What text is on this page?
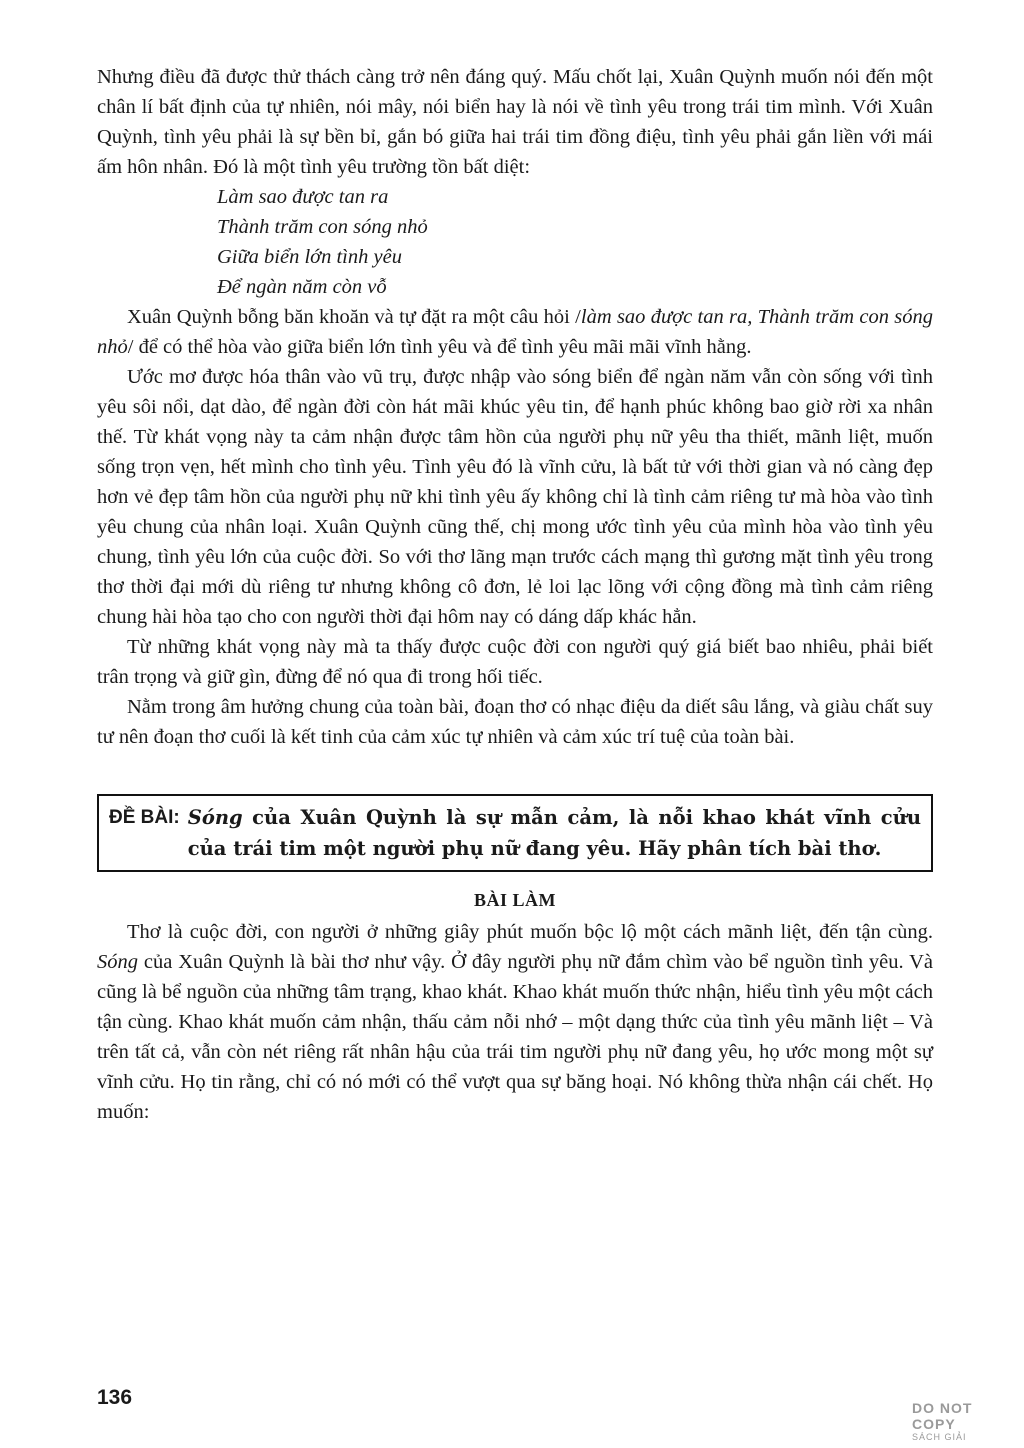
Nhưng điều đã được thử thách càng trở nên đáng quý. Mấu chốt lại, Xuân Quỳnh muốn nói đến một chân lí bất định của tự nhiên, nói mây, nói biển hay là nói về tình yêu trong trái tim mình. Với Xuân Quỳnh, tình yêu phải là sự bền bỉ, gắn bó giữa hai trái tim đồng điệu, tình yêu phải gắn liền với mái ấm hôn nhân. Đó là một tình yêu trường tồn bất diệt:

Làm sao được tan ra
Thành trăm con sóng nhỏ
Giữa biển lớn tình yêu
Để ngàn năm còn vỗ

Xuân Quỳnh bỗng băn khoăn và tự đặt ra một câu hỏi /làm sao được tan ra, Thành trăm con sóng nhỏ/ để có thể hòa vào giữa biển lớn tình yêu và để tình yêu mãi mãi vĩnh hằng.

Ước mơ được hóa thân vào vũ trụ, được nhập vào sóng biển để ngàn năm vẫn còn sống với tình yêu sôi nổi, dạt dào, để ngàn đời còn hát mãi khúc yêu tin, để hạnh phúc không bao giờ rời xa nhân thế. Từ khát vọng này ta cảm nhận được tâm hồn của người phụ nữ yêu tha thiết, mãnh liệt, muốn sống trọn vẹn, hết mình cho tình yêu. Tình yêu đó là vĩnh cửu, là bất tử với thời gian và nó càng đẹp hơn vẻ đẹp tâm hồn của người phụ nữ khi tình yêu ấy không chỉ là tình cảm riêng tư mà hòa vào tình yêu chung của nhân loại. Xuân Quỳnh cũng thế, chị mong ước tình yêu của mình hòa vào tình yêu chung, tình yêu lớn của cuộc đời. So với thơ lãng mạn trước cách mạng thì gương mặt tình yêu trong thơ thời đại mới dù riêng tư nhưng không cô đơn, lẻ loi lạc lõng với cộng đồng mà tình cảm riêng chung hài hòa tạo cho con người thời đại hôm nay có dáng dấp khác hẳn.

Từ những khát vọng này mà ta thấy được cuộc đời con người quý giá biết bao nhiêu, phải biết trân trọng và giữ gìn, đừng để nó qua đi trong hối tiếc.

Nằm trong âm hưởng chung của toàn bài, đoạn thơ có nhạc điệu da diết sâu lắng, và giàu chất suy tư nên đoạn thơ cuối là kết tinh của cảm xúc tự nhiên và cảm xúc trí tuệ của toàn bài.

ĐỀ BÀI: Sóng của Xuân Quỳnh là sự mẫn cảm, là nỗi khao khát vĩnh cửu của trái tim một người phụ nữ đang yêu. Hãy phân tích bài thơ.
BÀI LÀM

Thơ là cuộc đời, con người ở những giây phút muốn bộc lộ một cách mãnh liệt, đến tận cùng. Sóng của Xuân Quỳnh là bài thơ như vậy. Ở đây người phụ nữ đắm chìm vào bể nguồn tình yêu. Và cũng là bể nguồn của những tâm trạng, khao khát. Khao khát muốn thức nhận, hiểu tình yêu một cách tận cùng. Khao khát muốn cảm nhận, thấu cảm nỗi nhớ – một dạng thức của tình yêu mãnh liệt – Và trên tất cả, vẫn còn nét riêng rất nhân hậu của trái tim người phụ nữ đang yêu, họ ước mong một sự vĩnh cửu. Họ tin rằng, chỉ có nó mới có thể vượt qua sự băng hoại. Nó không thừa nhận cái chết. Họ muốn:

136	DO NOT COPY
SÁCH GIẢI
